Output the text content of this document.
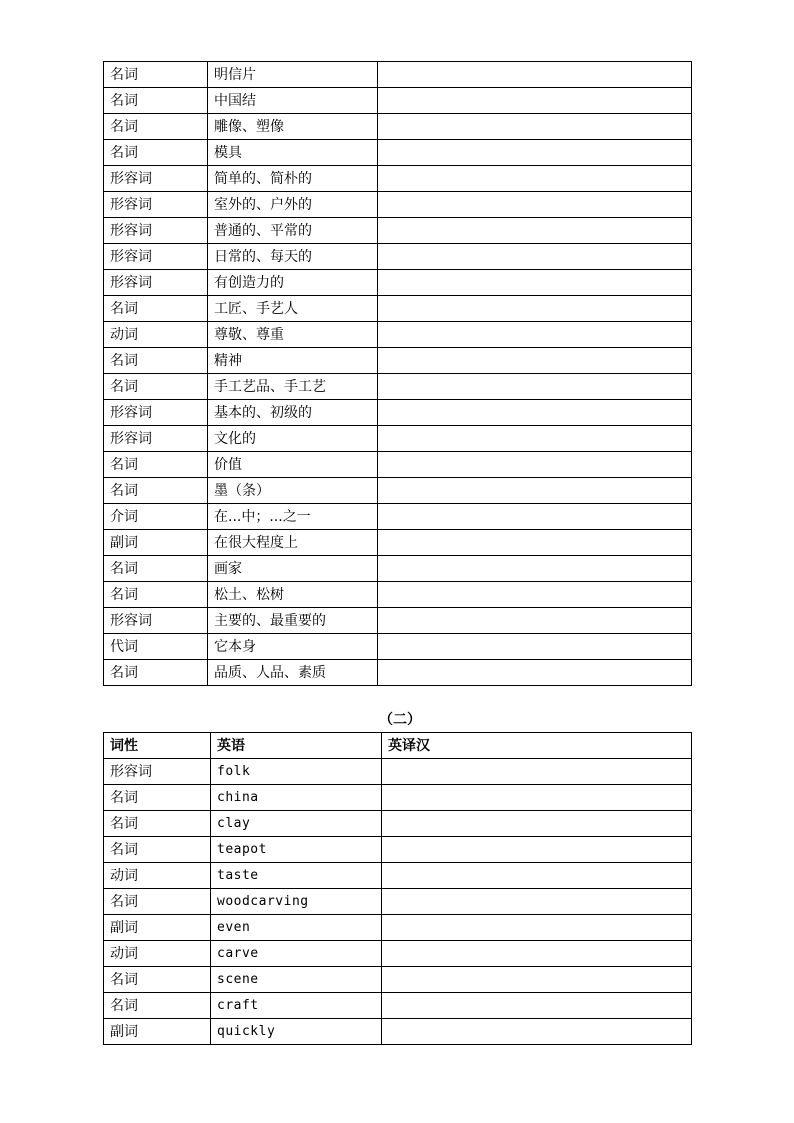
名词	明信片	
名词	中国结	
名词	雕像、塑像	
名词	模具	
形容词	简单的、简朴的	
形容词	室外的、户外的	
形容词	普通的、平常的	
形容词	日常的、每天的	
形容词	有创造力的	
名词	工匠、手艺人	
动词	尊敬、尊重	
名词	精神	
名词	手工艺品、手工艺	
形容词	基本的、初级的	
形容词	文化的	
名词	价值	
名词	墨（条）	
介词	在...中；...之一	
副词	在很大程度上	
名词	画家	
名词	松土、松树	
形容词	主要的、最重要的	
代词	它本身	
名词	品质、人品、素质	
（二）
词性	英语	英译汉
形容词	folk	
名词	china	
名词	clay	
名词	teapot	
动词	taste	
名词	woodcarving	
副词	even	
动词	carve	
名词	scene	
名词	craft	
副词	quickly	
